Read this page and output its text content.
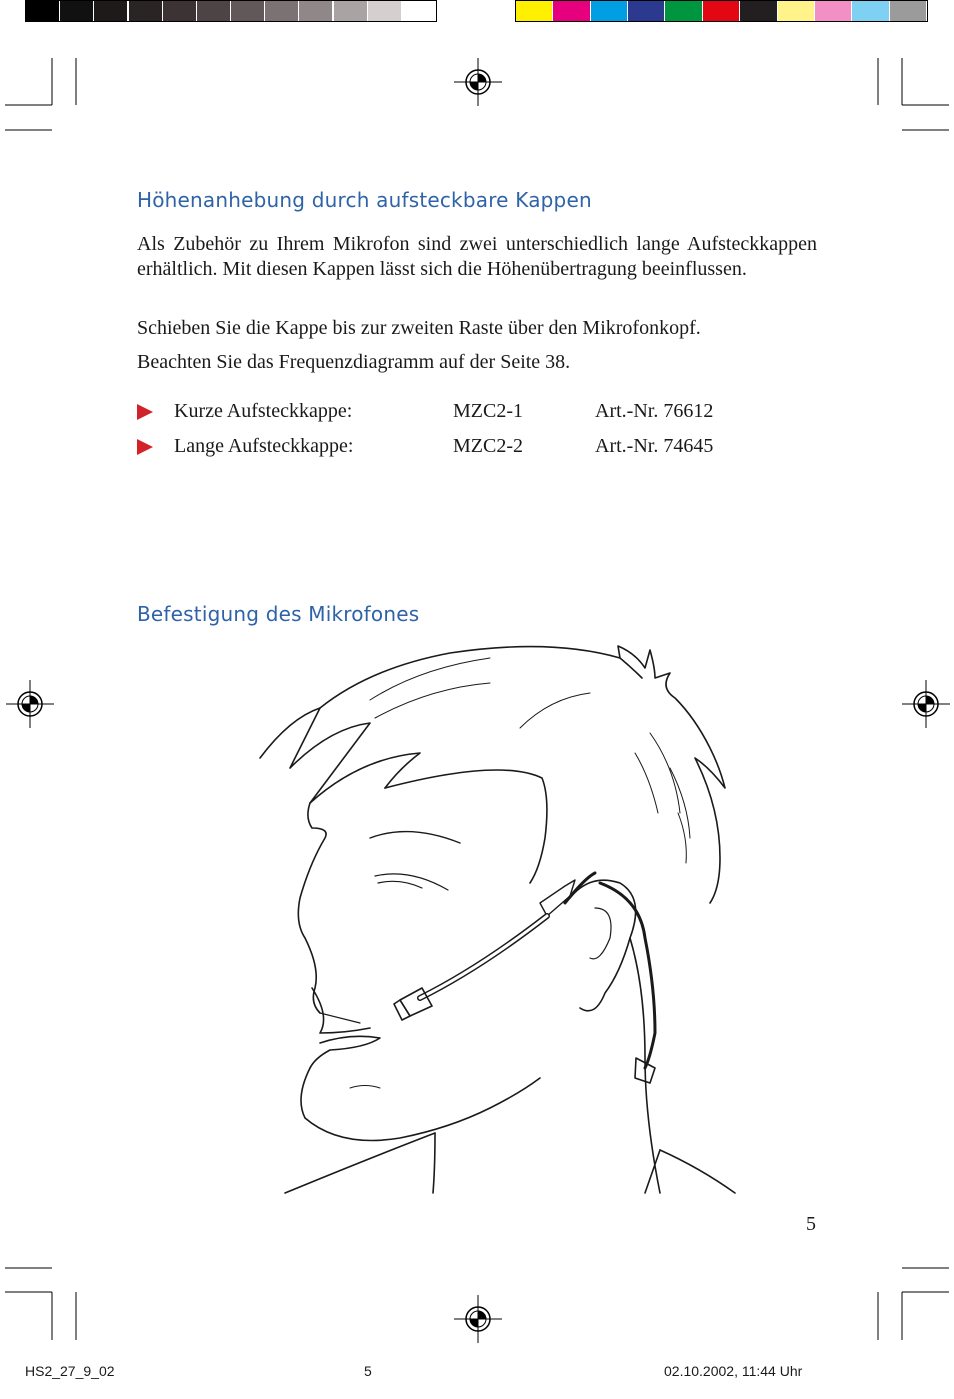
Höhenanhebung durch aufsteckbare Kappen
Als Zubehör zu Ihrem Mikrofon sind zwei unterschiedlich lange Aufsteckkappen erhältlich. Mit diesen Kappen lässt sich die Höhenübertragung beeinflussen.
Schieben Sie die Kappe bis zur zweiten Raste über den Mikrofonkopf.
Beachten Sie das Frequenzdiagramm auf der Seite 38.
Kurze Aufsteckkappe:	MZC2-1	Art.-Nr. 76612
Lange Aufsteckkappe:	MZC2-2	Art.-Nr. 74645
Befestigung des Mikrofones
5
HS2_27_9_02	5	02.10.2002, 11:44 Uhr
